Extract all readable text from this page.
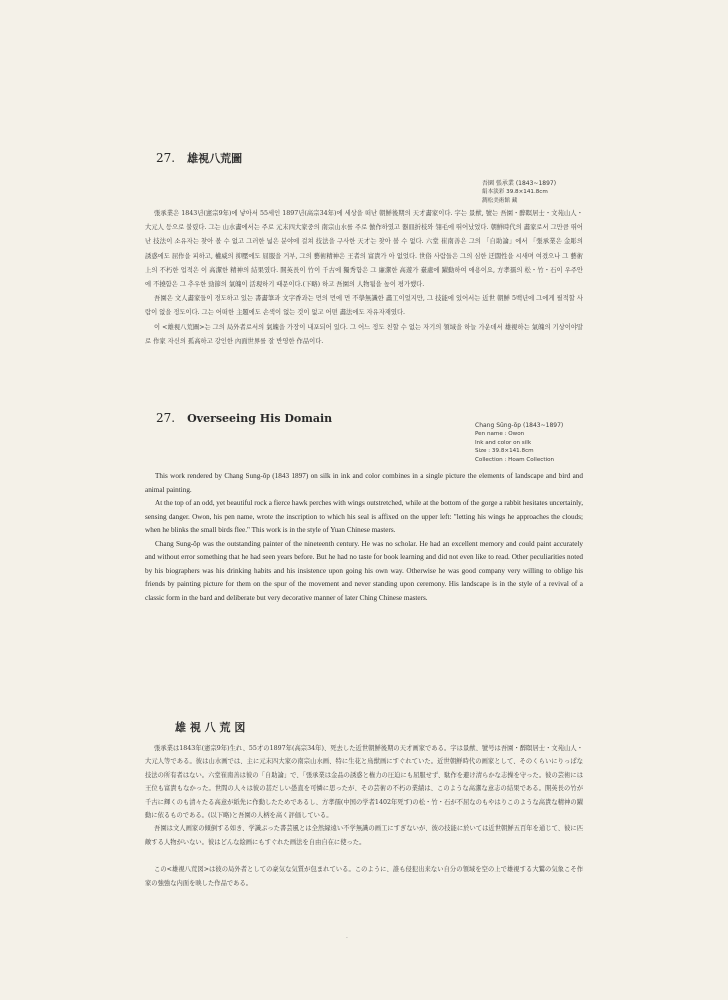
27. 雄視八荒圖
吾園 張承業 (1843~1897)
絹本淡彩 39.8×141.8cm
澗松美術館 藏

張承業은 1843년(憲宗9年)에 낳아서 55세인 1897년(高宗34年)에 세상을 떠난 朝鮮後期의 天才畵家이다. 字는 景猷, 號는 吾園・醉瞑居士・文苑山人・大元人 등으로 불렸다. 그는 山水畵에서는 주로 元末四大家중의 南宗山水를 주로 倣作하였고 器皿折枝와 翎毛에 뛰어났었다. 朝鮮時代의 畵家로서 그만큼 뛰어난 技法이 소유자는 찾아 볼 수 없고 그러한 넓은 분야에 걸쳐 技法을 구사한 天才는 찾아 볼 수 없다. 六堂 崔南善은 그의 「自助論」에서 「張承業은 金彫의 誘惑에도 屈作을 피하고, 權威의 抑壓에도 屈服을 거부, 그의 藝術精神은 王者의 富貴가 아 없었다. 世俗 사람들은 그의 심한 迂闊性을 시새며 여겼으나 그 藝術上의 不朽한 업적은 이 高潔한 精神의 結果였다. 開英長이 竹이 千古에 獨秀함은 그 廉潔한 高遊가 臺處에 躍動하여 애용이요, 方孝孺의 松・竹・石이 우주안에 不撓함은 그 추우한 勁節의 氣魄이 活現하기 때문이다.(下略) 하고 吾園의 人物됨을 높이 평가했다.

吾園은 文人畵家들이 경도하고 있는 書畵筆과 文字香과는 먼의 먼에 먼 不學無識한 畵工이었지만, 그 技能에 있어서는 近世 朝鮮 5백년에 그에게 필적할 사람이 없을 정도이다. 그는 어떠한 主題에도 손색이 없는 것이 없고 어떤 畵法에도 자유자재였다.

이 <雄視八荒圖>는 그의 局外者로서의 氣魄을 가장이 내포되어 있다. 그 어느 정도 친할 수 없는 자기의 領域을 하늘 가운데서 雄視하는 氣魄의 기상이야말로 作家 자신의 孤高하고 강인한 內面世界를 잘 반영한 作品이다.

27. Overseeing His Domain
Chang Sŭng-ŏp (1843~1897)
Pen name : Owon
Ink and color on silk
Size : 39.8×141.8cm
Collection : Hoam Collection

This work rendered by Chang Sung-ŏp (1843 1897) on silk in ink and color combines in a single picture the elements of landscape and bird and animal painting.

At the top of an odd, yet beautiful rock a fierce hawk perches with wings outstretched, while at the bottom of the gorge a rabbit hesitates uncertainly, sensing danger. Owon, his pen name, wrote the inscription to which his seal is affixed on the upper left: "letting his wings he approaches the clouds; when he blinks the small birds flee." This work is in the style of Yuan Chinese masters.

Chang Sung-ŏp was the outstanding painter of the nineteenth century. He was no scholar. He had an excellent memory and could paint accurately and without error something that he had seen years before. But he had no taste for book learning and did not even like to read. Other peculiarities noted by his biographers was his drinking habits and his insistence upon going his own way. Otherwise he was good company very willing to oblige his friends by painting picture for them on the spur of the movement and never standing upon ceremony. His landscape is in the style of a revival of a classic form in the bard and deliberate but very decorative manner of later Ching Chinese masters.

雄 視 八 荒 図

張承業は1843年(憲宗9年)生れ、55才の1897年(高宗34年)、死去した近世朝鮮後期の天才画家である。字は景猷、號号は吾園・醉瞑居士・文苑山人・大元人等である。彼は山水画では、主に元末四大家の南宗山水画、特に生花と鳥獣画にすぐれていた。近世朝鮮時代の画家として、そのくらいにりっぱな技法の所有者はない。六堂崔南善は彼の「自助論」で、「張承業は金品の誘惑と権力の圧迫にも屈服せず、駄作を避け清らかな志操を守った。彼の芸術には王位も富貴もなかった。世間の人々は彼の甚だしい愚直を可憐に思ったが、その芸術の不朽の業績は、このような高潔な意志の結果である。開英長の竹が千古に輝くのも清々たる高意が紙先に作動したためであるし、方孝孺(中国の学者1402年死す)の松・竹・石が不屈なのもやはりこのような高貴な精神の躍動に依るものである。(以下略)と吾園の人柄を高く評価している。

吾園は文人画家の傾倒する如き、学識ぶった書芸風とは全然縁遠い不学無識の画工にすぎないが、彼の技能に於いては近世朝鮮五百年を通じて、彼に匹敵する人物がいない。彼はどんな絵画にもすぐれた画法を自由自在に使った。

この<雄視八荒図>は彼の局外者としての豪気な気質が包まれている。このように、誰も侵犯出来ない自分の領域を空の上で雄視する大鷲の気象こそ作家の強強な内面を映した作品である。

·
